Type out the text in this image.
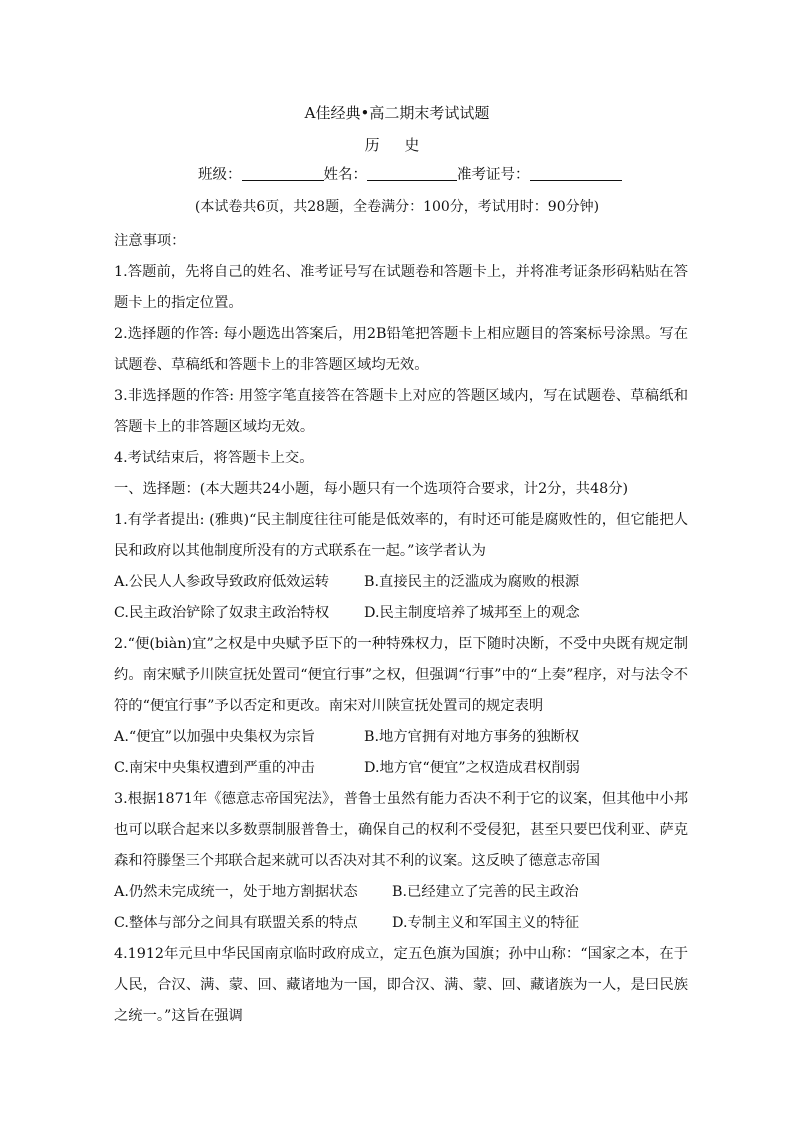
A佳经典•高二期末考试试题
历 史
班级：	姓名：	准考证号：
(本试卷共6页，共28题，全卷满分：100分，考试用时：90分钟)

注意事项：

1.答题前，先将自己的姓名、准考证号写在试题卷和答题卡上，并将准考证条形码粘贴在答题卡上的指定位置。

2.选择题的作答: 每小题选出答案后，用2B铅笔把答题卡上相应题目的答案标号涂黑。写在试题卷、草稿纸和答题卡上的非答题区域均无效。

3.非选择题的作答: 用签字笔直接答在答题卡上对应的答题区域内，写在试题卷、草稿纸和答题卡上的非答题区域均无效。

4.考试结束后，将答题卡上交。

一、选择题：(本大题共24小题，每小题只有一个选项符合要求，计2分，共48分)

1.有学者提出: (雅典)“民主制度往往可能是低效率的，有时还可能是腐败性的，但它能把人民和政府以其他制度所没有的方式联系在一起。”该学者认为

A.公民人人参政导致政府低效运转	B.直接民主的泛滥成为腐败的根源
C.民主政治铲除了奴隶主政治特权	D.民主制度培养了城邦至上的观念

2.“便(biàn)宜”之权是中央赋予臣下的一种特殊权力，臣下随时决断，不受中央既有规定制约。南宋赋予川陕宣抚处置司“便宜行事”之权，但强调“行事”中的“上奏”程序，对与法令不符的“便宜行事”予以否定和更改。南宋对川陕宣抚处置司的规定表明

A.“便宜”以加强中央集权为宗旨	B.地方官拥有对地方事务的独断权
C.南宋中央集权遭到严重的冲击	D.地方官“便宜”之权造成君权削弱

3.根据1871年《德意志帝国宪法》，普鲁士虽然有能力否决不利于它的议案，但其他中小邦也可以联合起来以多数票制服普鲁士，确保自己的权利不受侵犯，甚至只要巴伐利亚、萨克森和符滕堡三个邦联合起来就可以否决对其不利的议案。这反映了德意志帝国

A.仍然未完成统一，处于地方割据状态	B.已经建立了完善的民主政治
C.整体与部分之间具有联盟关系的特点	D.专制主义和军国主义的特征

4.1912年元旦中华民国南京临时政府成立，定五色旗为国旗；孙中山称：“国家之本，在于人民，合汉、满、蒙、回、藏诸地为一国，即合汉、满、蒙、回、藏诸族为一人，是曰民族之统一。”这旨在强调
